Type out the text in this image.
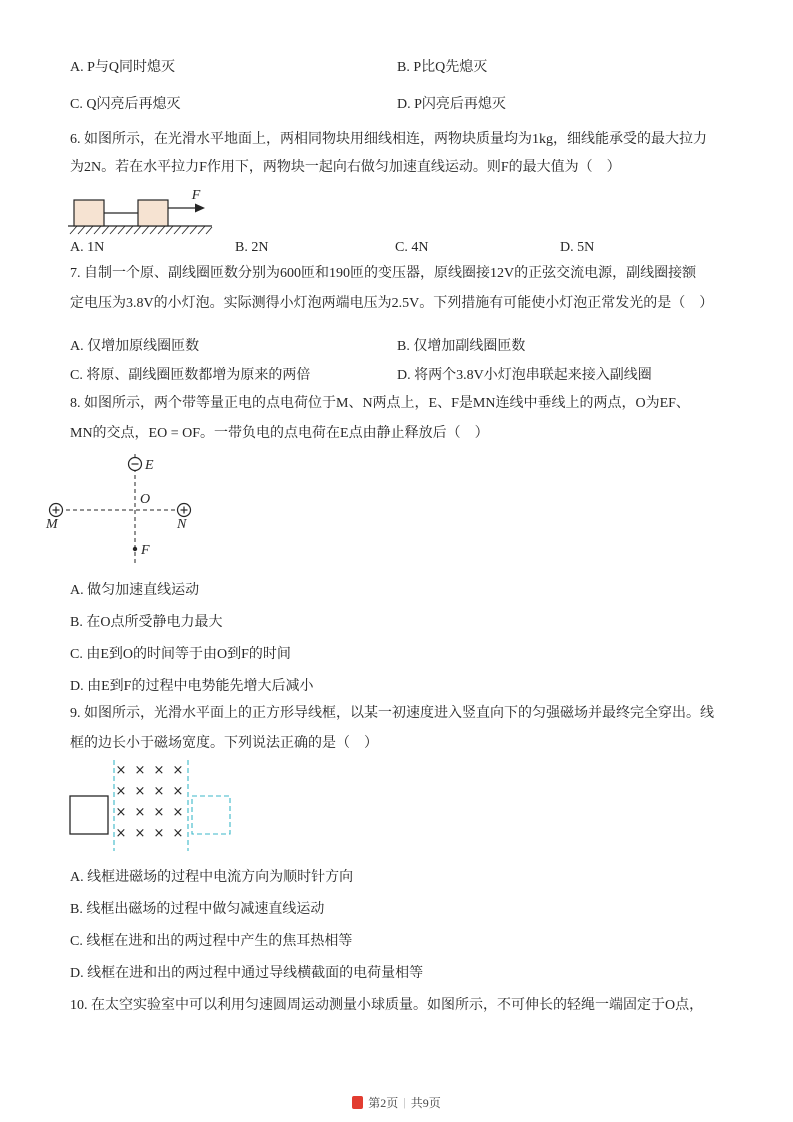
A. P与Q同时熄灭	B. P比Q先熄灭
C. Q闪亮后再熄灭	D. P闪亮后再熄灭
6. 如图所示，在光滑水平地面上，两相同物块用细线相连，两物块质量均为1kg，细线能承受的最大拉力
为2N。若在水平拉力F作用下，两物块一起向右做匀加速直线运动。则F的最大值为（    ）
F
A. 1N	B. 2N	C. 4N	D. 5N
7. 自制一个原、副线圈匝数分别为600匝和190匝的变压器，原线圈接12V的正弦交流电源，副线圈接额
定电压为3.8V的小灯泡。实际测得小灯泡两端电压为2.5V。下列措施有可能使小灯泡正常发光的是（    ）
A. 仅增加原线圈匝数	B. 仅增加副线圈匝数
C. 将原、副线圈匝数都增为原来的两倍	D. 将两个3.8V小灯泡串联起来接入副线圈
8. 如图所示，两个带等量正电的点电荷位于M、N两点上，E、F是MN连线中垂线上的两点，O为EF、
MN的交点，EO = OF。一带负电的点电荷在E点由静止释放后（    ）
E
O
M	N
F
A. 做匀加速直线运动
B. 在O点所受静电力最大
C. 由E到O的时间等于由O到F的时间
D. 由E到F的过程中电势能先增大后减小
9. 如图所示，光滑水平面上的正方形导线框，以某一初速度进入竖直向下的匀强磁场并最终完全穿出。线
框的边长小于磁场宽度。下列说法正确的是（    ）
× × × ×
× × × ×
× × × ×
× × × ×
A. 线框进磁场的过程中电流方向为顺时针方向
B. 线框出磁场的过程中做匀减速直线运动
C. 线框在进和出的两过程中产生的焦耳热相等
D. 线框在进和出的两过程中通过导线横截面的电荷量相等
10. 在太空实验室中可以利用匀速圆周运动测量小球质量。如图所示，不可伸长的轻绳一端固定于O点，
第2页 | 共9页
